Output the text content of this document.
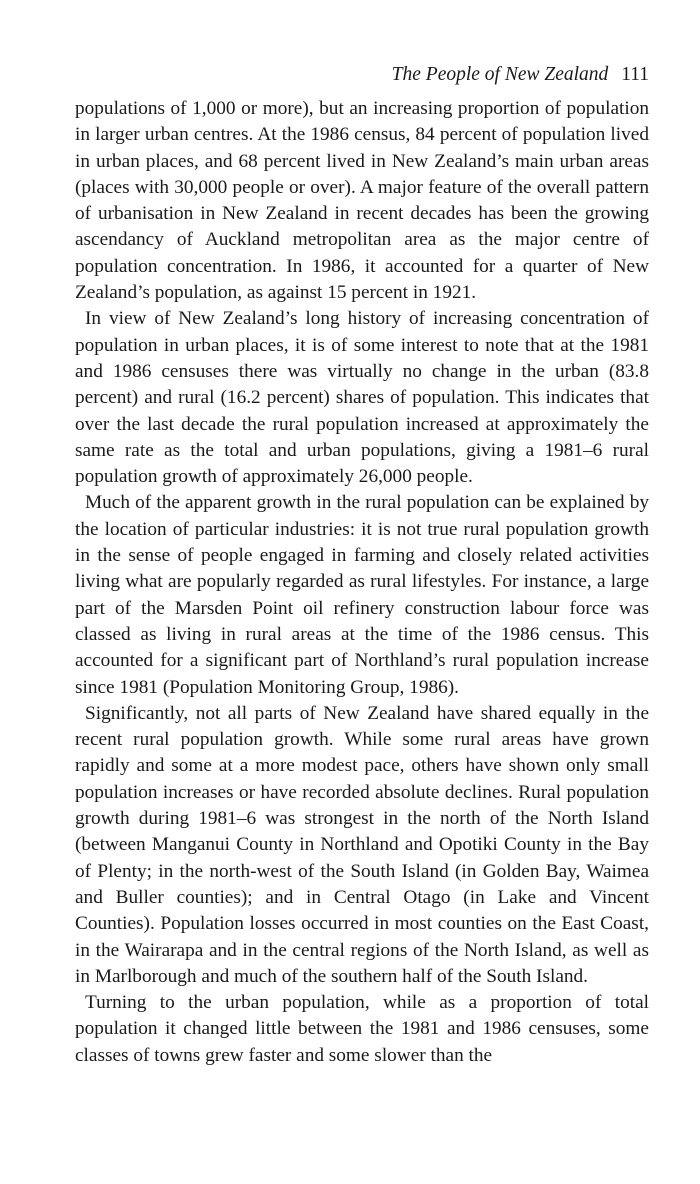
The People of New Zealand 111

populations of 1,000 or more), but an increasing proportion of population in larger urban centres. At the 1986 census, 84 percent of population lived in urban places, and 68 percent lived in New Zealand’s main urban areas (places with 30,000 people or over). A major feature of the overall pattern of urbanisation in New Zealand in recent decades has been the growing ascendancy of Auckland metropolitan area as the major centre of population concentration. In 1986, it accounted for a quarter of New Zealand’s population, as against 15 percent in 1921.

In view of New Zealand’s long history of increasing concentration of population in urban places, it is of some interest to note that at the 1981 and 1986 censuses there was virtually no change in the urban (83.8 percent) and rural (16.2 percent) shares of population. This indicates that over the last decade the rural population increased at approximately the same rate as the total and urban populations, giving a 1981–6 rural population growth of approximately 26,000 people.

Much of the apparent growth in the rural population can be explained by the location of particular industries: it is not true rural population growth in the sense of people engaged in farming and closely related activities living what are popularly regarded as rural lifestyles. For instance, a large part of the Marsden Point oil refinery construction labour force was classed as living in rural areas at the time of the 1986 census. This accounted for a significant part of Northland’s rural population increase since 1981 (Population Monitoring Group, 1986).

Significantly, not all parts of New Zealand have shared equally in the recent rural population growth. While some rural areas have grown rapidly and some at a more modest pace, others have shown only small population increases or have recorded absolute declines. Rural population growth during 1981–6 was strongest in the north of the North Island (between Manganui County in Northland and Opotiki County in the Bay of Plenty; in the north-west of the South Island (in Golden Bay, Waimea and Buller counties); and in Central Otago (in Lake and Vincent Counties). Population losses occurred in most counties on the East Coast, in the Wairarapa and in the central regions of the North Island, as well as in Marlborough and much of the southern half of the South Island.

Turning to the urban population, while as a proportion of total population it changed little between the 1981 and 1986 censuses, some classes of towns grew faster and some slower than the
